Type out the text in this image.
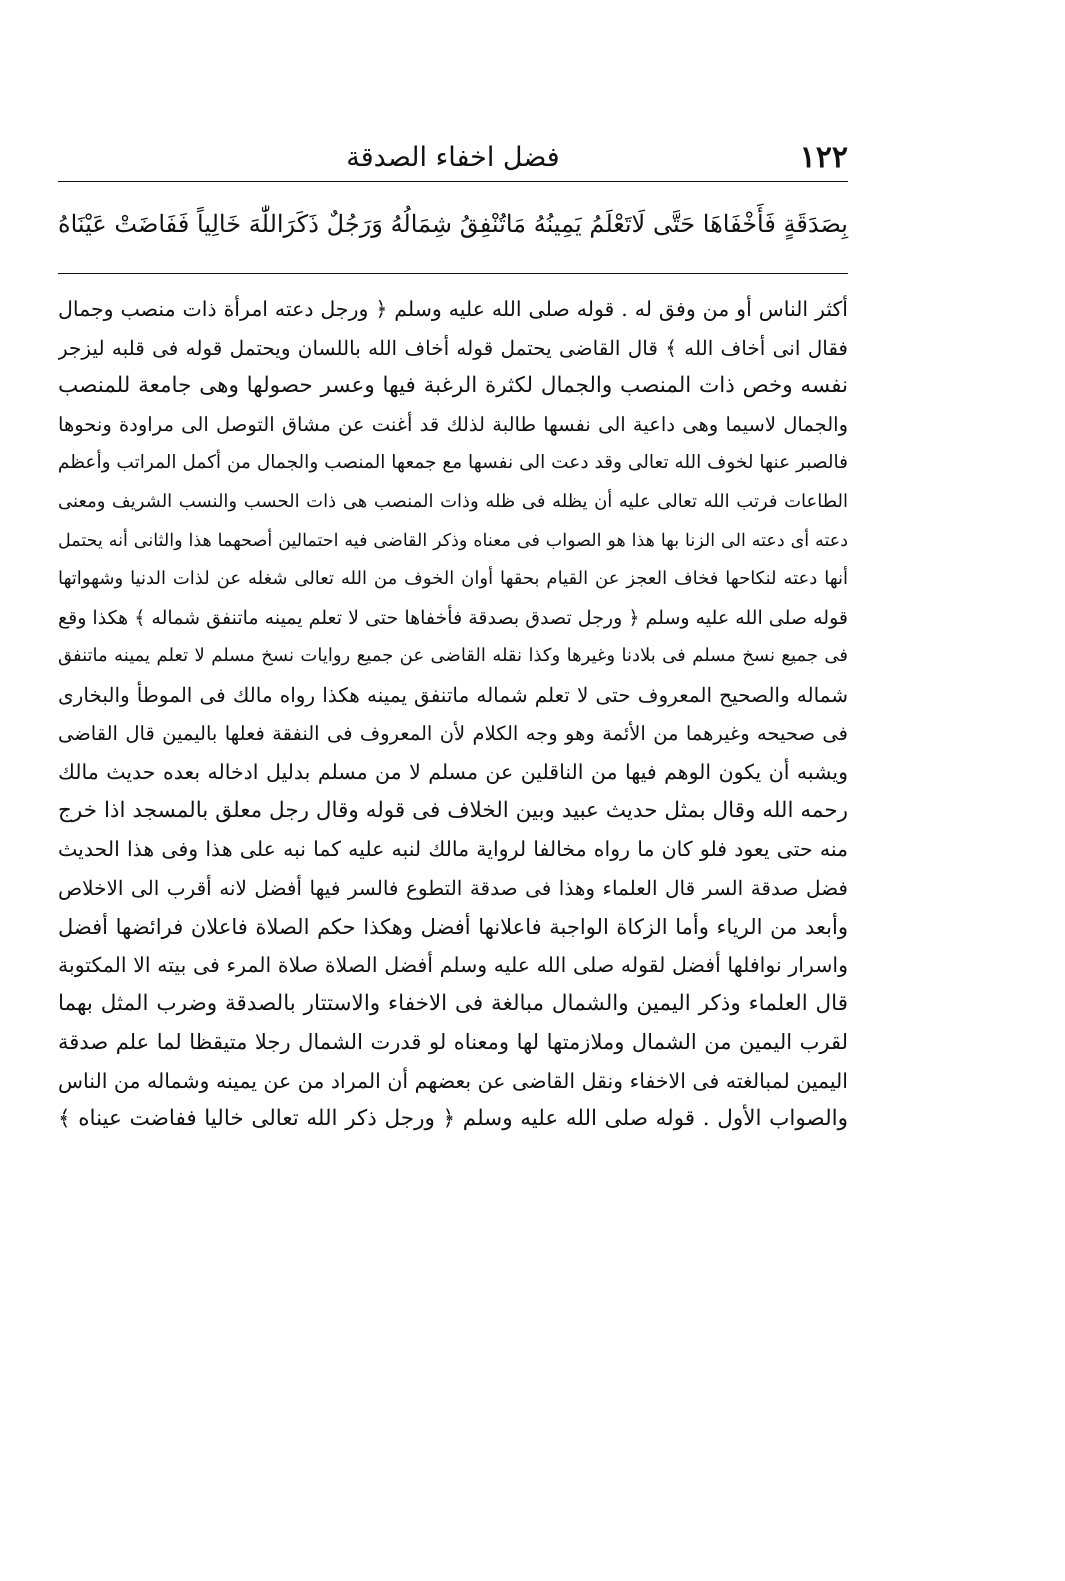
١٢٢
فضل اخفاء الصدقة
بِصَدَقَةٍ فَأَخْفَاهَا حَتَّى لَاتَعْلَمُ يَمِينُهُ مَاتُنْفِقُ شِمَالُهُ وَرَجُلٌ ذَكَرَاللّٰهَ خَالِياً فَفَاضَتْ عَيْنَاهُ
أكثر الناس أو من وفق له . قوله صلى الله عليه وسلم ﴿ ورجل دعته امرأة ذات منصب وجمال
فقال انى أخاف الله ﴾ قال القاضى يحتمل قوله أخاف الله باللسان ويحتمل قوله فى قلبه ليزجر
نفسه وخص ذات المنصب والجمال لكثرة الرغبة فيها وعسر حصولها وهى جامعة للمنصب
والجمال لاسيما وهى داعية الى نفسها طالبة لذلك قد أغنت عن مشاق التوصل الى مراودة ونحوها
فالصبر عنها لخوف الله تعالى وقد دعت الى نفسها مع جمعها المنصب والجمال من أكمل المراتب وأعظم
الطاعات فرتب الله تعالى عليه أن يظله فى ظله وذات المنصب هى ذات الحسب والنسب الشريف ومعنى
دعته أى دعته الى الزنا بها هذا هو الصواب فى معناه وذكر القاضى فيه احتمالين أصحهما هذا والثانى أنه يحتمل
أنها دعته لنكاحها فخاف العجز عن القيام بحقها أوان الخوف من الله تعالى شغله عن لذات الدنيا وشهواتها
قوله صلى الله عليه وسلم ﴿ ورجل تصدق بصدقة فأخفاها حتى لا تعلم يمينه ماتنفق شماله ﴾ هكذا وقع
فى جميع نسخ مسلم فى بلادنا وغيرها وكذا نقله القاضى عن جميع روايات نسخ مسلم لا تعلم يمينه ماتنفق
شماله والصحيح المعروف حتى لا تعلم شماله ماتنفق يمينه هكذا رواه مالك فى الموطأ والبخارى
فى صحيحه وغيرهما من الأئمة وهو وجه الكلام لأن المعروف فى النفقة فعلها باليمين قال القاضى
ويشبه أن يكون الوهم فيها من الناقلين عن مسلم لا من مسلم بدليل ادخاله بعده حديث مالك
رحمه الله وقال بمثل حديث عبيد وبين الخلاف فى قوله وقال رجل معلق بالمسجد اذا خرج
منه حتى يعود فلو كان ما رواه مخالفا لرواية مالك لنبه عليه كما نبه على هذا وفى هذا الحديث
فضل صدقة السر قال العلماء وهذا فى صدقة التطوع فالسر فيها أفضل لانه أقرب الى الاخلاص
وأبعد من الرياء وأما الزكاة الواجبة فاعلانها أفضل وهكذا حكم الصلاة فاعلان فرائضها أفضل
واسرار نوافلها أفضل لقوله صلى الله عليه وسلم أفضل الصلاة صلاة المرء فى بيته الا المكتوبة
قال العلماء وذكر اليمين والشمال مبالغة فى الاخفاء والاستتار بالصدقة وضرب المثل بهما
لقرب اليمين من الشمال وملازمتها لها ومعناه لو قدرت الشمال رجلا متيقظا لما علم صدقة
اليمين لمبالغته فى الاخفاء ونقل القاضى عن بعضهم أن المراد من عن يمينه وشماله من الناس
والصواب الأول . قوله صلى الله عليه وسلم ﴿ ورجل ذكر الله تعالى خاليا ففاضت عيناه ﴾
